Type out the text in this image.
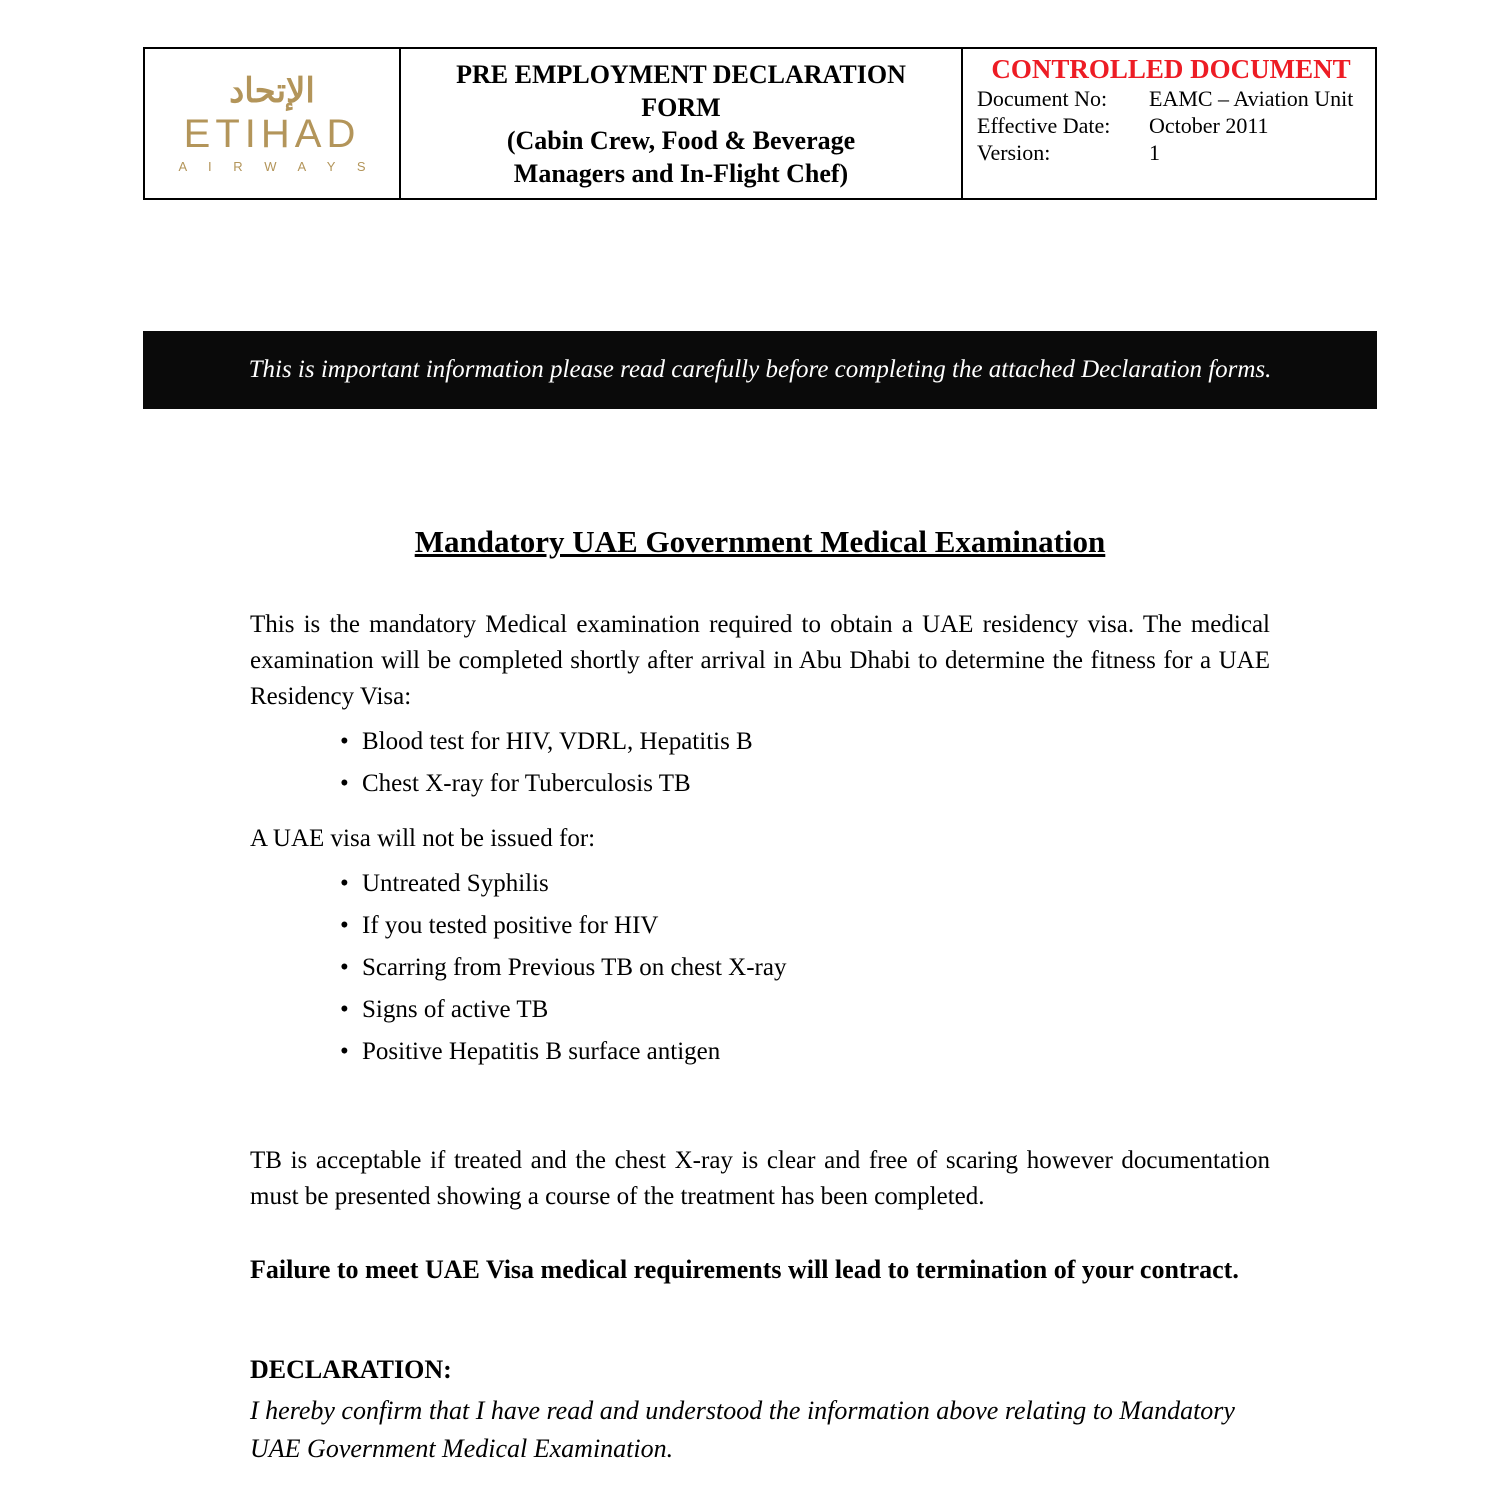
الإتحاد
ETIHAD
A I R W A Y S
PRE EMPLOYMENT DECLARATION FORM
(Cabin Crew, Food & Beverage
Managers and In-Flight Chef)
CONTROLLED DOCUMENT
Document No: EAMC – Aviation Unit
Effective Date: October 2011
Version:	1
This is important information please read carefully before completing the attached Declaration forms.
Mandatory UAE Government Medical Examination

This is the mandatory Medical examination required to obtain a UAE residency visa. The medical examination will be completed shortly after arrival in Abu Dhabi to determine the fitness for a UAE Residency Visa:

• Blood test for HIV, VDRL, Hepatitis B
• Chest X-ray for Tuberculosis TB
A UAE visa will not be issued for:
• Untreated Syphilis
• If you tested positive for HIV
• Scarring from Previous TB on chest X-ray
• Signs of active TB
• Positive Hepatitis B surface antigen

TB is acceptable if treated and the chest X-ray is clear and free of scaring however documentation must be presented showing a course of the treatment has been completed.

Failure to meet UAE Visa medical requirements will lead to termination of your contract.

DECLARATION:
I hereby confirm that I have read and understood the information above relating to Mandatory UAE Government Medical Examination.
